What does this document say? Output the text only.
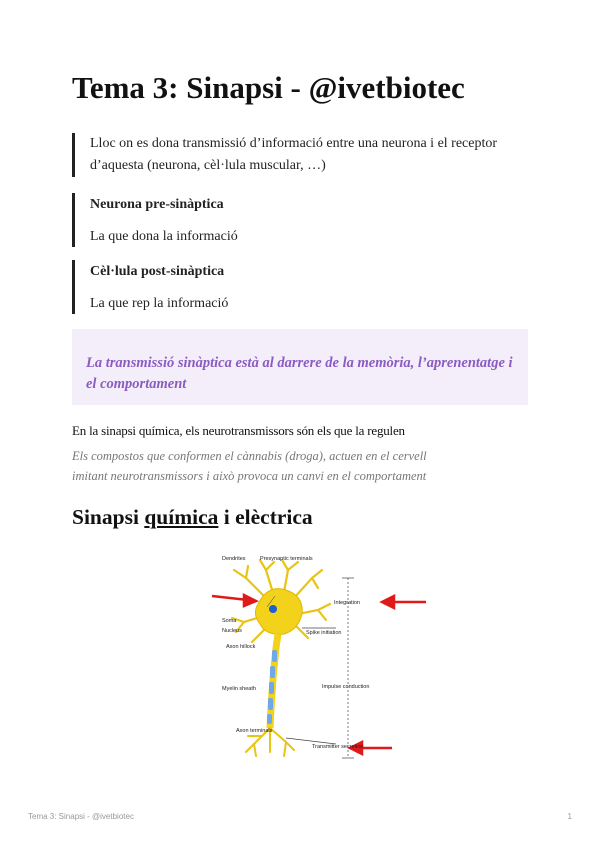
Tema 3: Sinapsi - @ivetbiotec
Lloc on es dona transmissió d’informació entre una neurona i el receptor d’aquesta (neurona, cèl·lula muscular, …)
Neurona pre-sinàptica
La que dona la informació
Cèl·lula post-sinàptica
La que rep la informació
La transmissió sinàptica està al darrere de la memòria, l’aprenentatge i el comportament
En la sinapsi química, els neurotransmissors són els que la regulen
Els compostos que conformen el cànnabis (droga), actuen en el cervell imitant neurotransmissors i això provoca un canvi en el comportament
Sinapsi química i elèctrica
Dendrites	Presynaptic terminals
Soma
Nucleus
Axon hillock
Myelin sheath
Axon terminals
Integration
Spike initiation
Impulse conduction
Transmitter secretion
Tema 3: Sinapsi - @ivetbiotec	1
